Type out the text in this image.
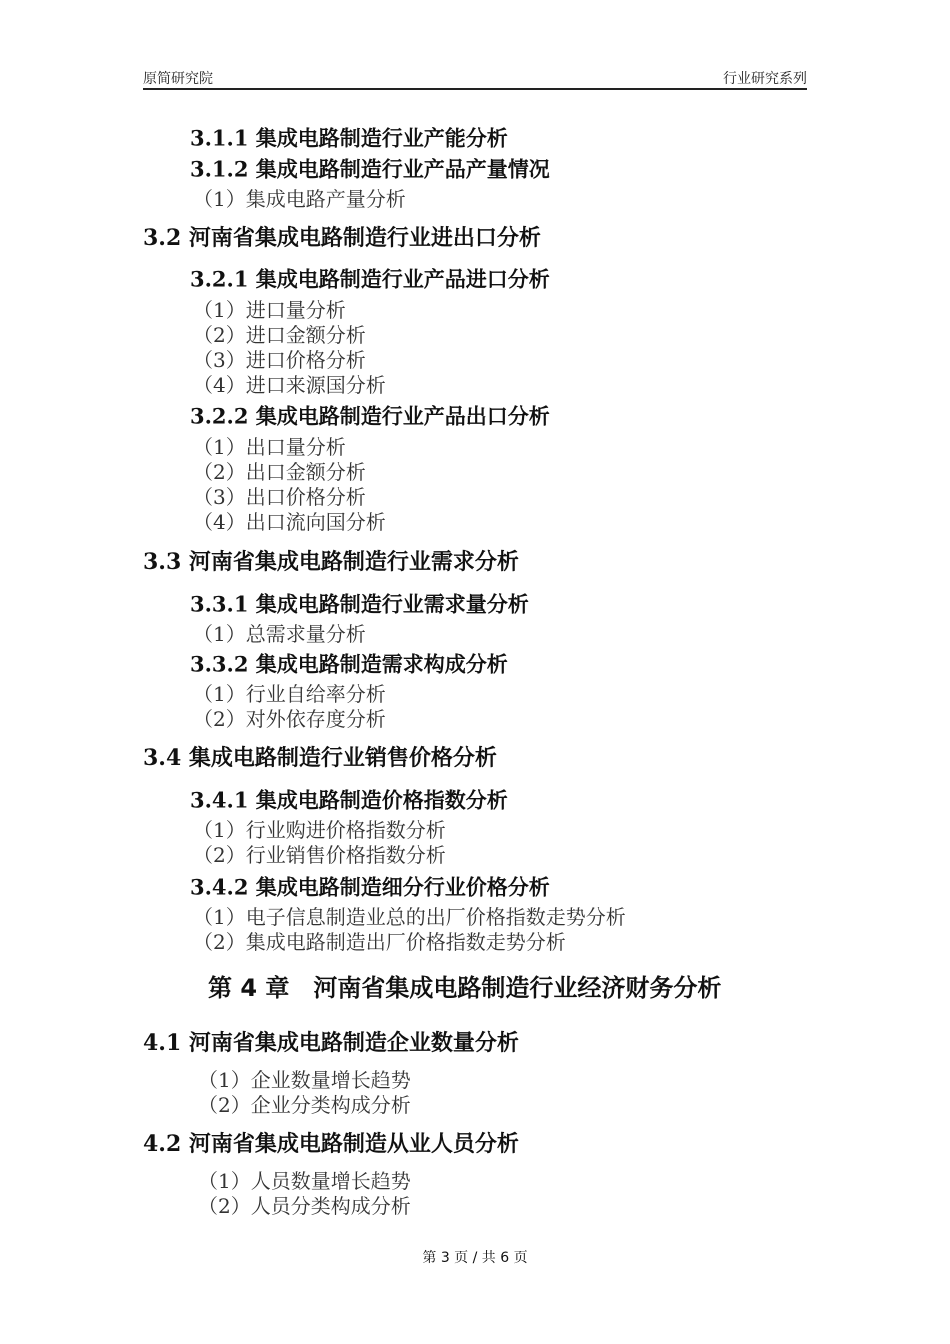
原简研究院	行业研究系列
3.1.1 集成电路制造行业产能分析
3.1.2 集成电路制造行业产品产量情况
（1）集成电路产量分析
3.2 河南省集成电路制造行业进出口分析
3.2.1 集成电路制造行业产品进口分析
（1）进口量分析
（2）进口金额分析
（3）进口价格分析
（4）进口来源国分析
3.2.2 集成电路制造行业产品出口分析
（1）出口量分析
（2）出口金额分析
（3）出口价格分析
（4）出口流向国分析
3.3 河南省集成电路制造行业需求分析
3.3.1 集成电路制造行业需求量分析
（1）总需求量分析
3.3.2 集成电路制造需求构成分析
（1）行业自给率分析
（2）对外依存度分析
3.4 集成电路制造行业销售价格分析
3.4.1 集成电路制造价格指数分析
（1）行业购进价格指数分析
（2）行业销售价格指数分析
3.4.2 集成电路制造细分行业价格分析
（1）电子信息制造业总的出厂价格指数走势分析
（2）集成电路制造出厂价格指数走势分析
第 4 章　河南省集成电路制造行业经济财务分析
4.1 河南省集成电路制造企业数量分析
（1）企业数量增长趋势
（2）企业分类构成分析
4.2 河南省集成电路制造从业人员分析
（1）人员数量增长趋势
（2）人员分类构成分析
第 3 页 / 共 6 页
